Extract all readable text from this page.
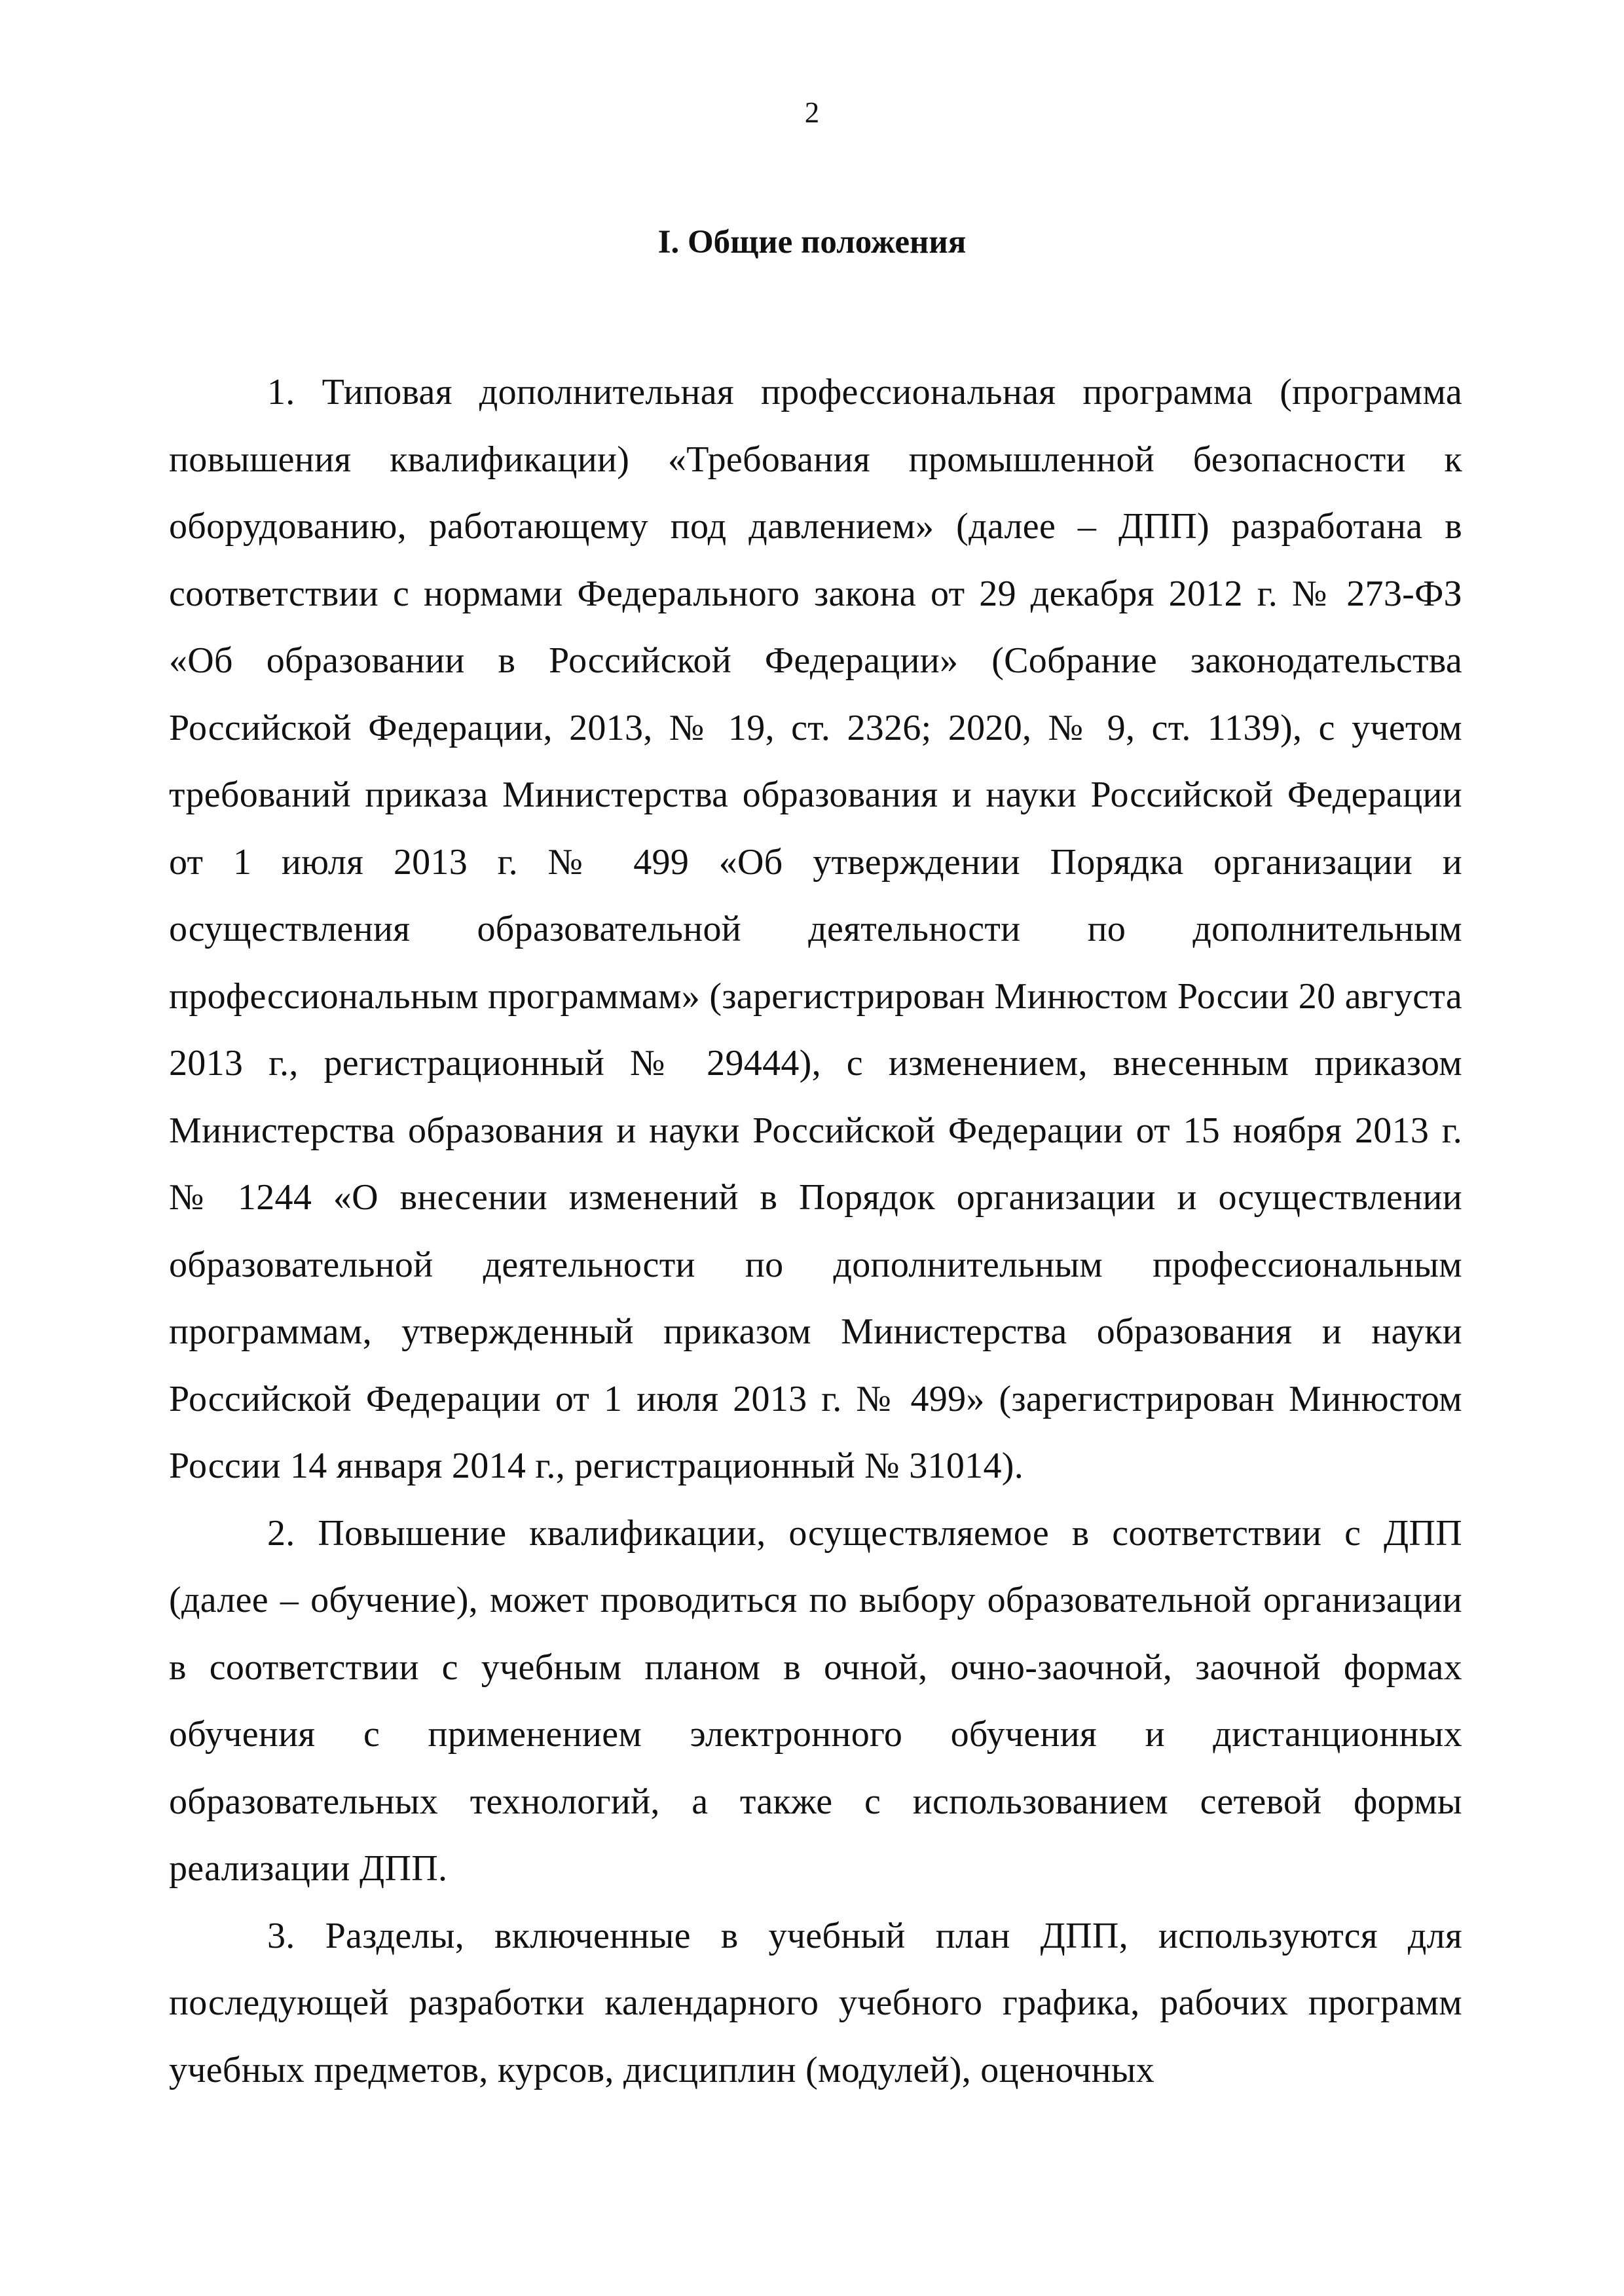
2
I. Общие положения

1. Типовая дополнительная профессиональная программа (программа повышения квалификации) «Требования промышленной безопасности к оборудованию, работающему под давлением» (далее – ДПП) разработана в соответствии с нормами Федерального закона от 29 декабря 2012 г. № 273-ФЗ «Об образовании в Российской Федерации» (Собрание законодательства Российской Федерации, 2013, № 19, ст. 2326; 2020, № 9, ст. 1139), с учетом требований приказа Министерства образования и науки Российской Федерации от 1 июля 2013 г. № 499 «Об утверждении Порядка организации и осуществления образовательной деятельности по дополнительным профессиональным программам» (зарегистрирован Минюстом России 20 августа 2013 г., регистрационный № 29444), с изменением, внесенным приказом Министерства образования и науки Российской Федерации от 15 ноября 2013 г. № 1244 «О внесении изменений в Порядок организации и осуществлении образовательной деятельности по дополнительным профессиональным программам, утвержденный приказом Министерства образования и науки Российской Федерации от 1 июля 2013 г. № 499» (зарегистрирован Минюстом России 14 января 2014 г., регистрационный № 31014).

2. Повышение квалификации, осуществляемое в соответствии с ДПП (далее – обучение), может проводиться по выбору образовательной организации в соответствии с учебным планом в очной, очно-заочной, заочной формах обучения с применением электронного обучения и дистанционных образовательных технологий, а также с использованием сетевой формы реализации ДПП.

3. Разделы, включенные в учебный план ДПП, используются для последующей разработки календарного учебного графика, рабочих программ учебных предметов, курсов, дисциплин (модулей), оценочных
